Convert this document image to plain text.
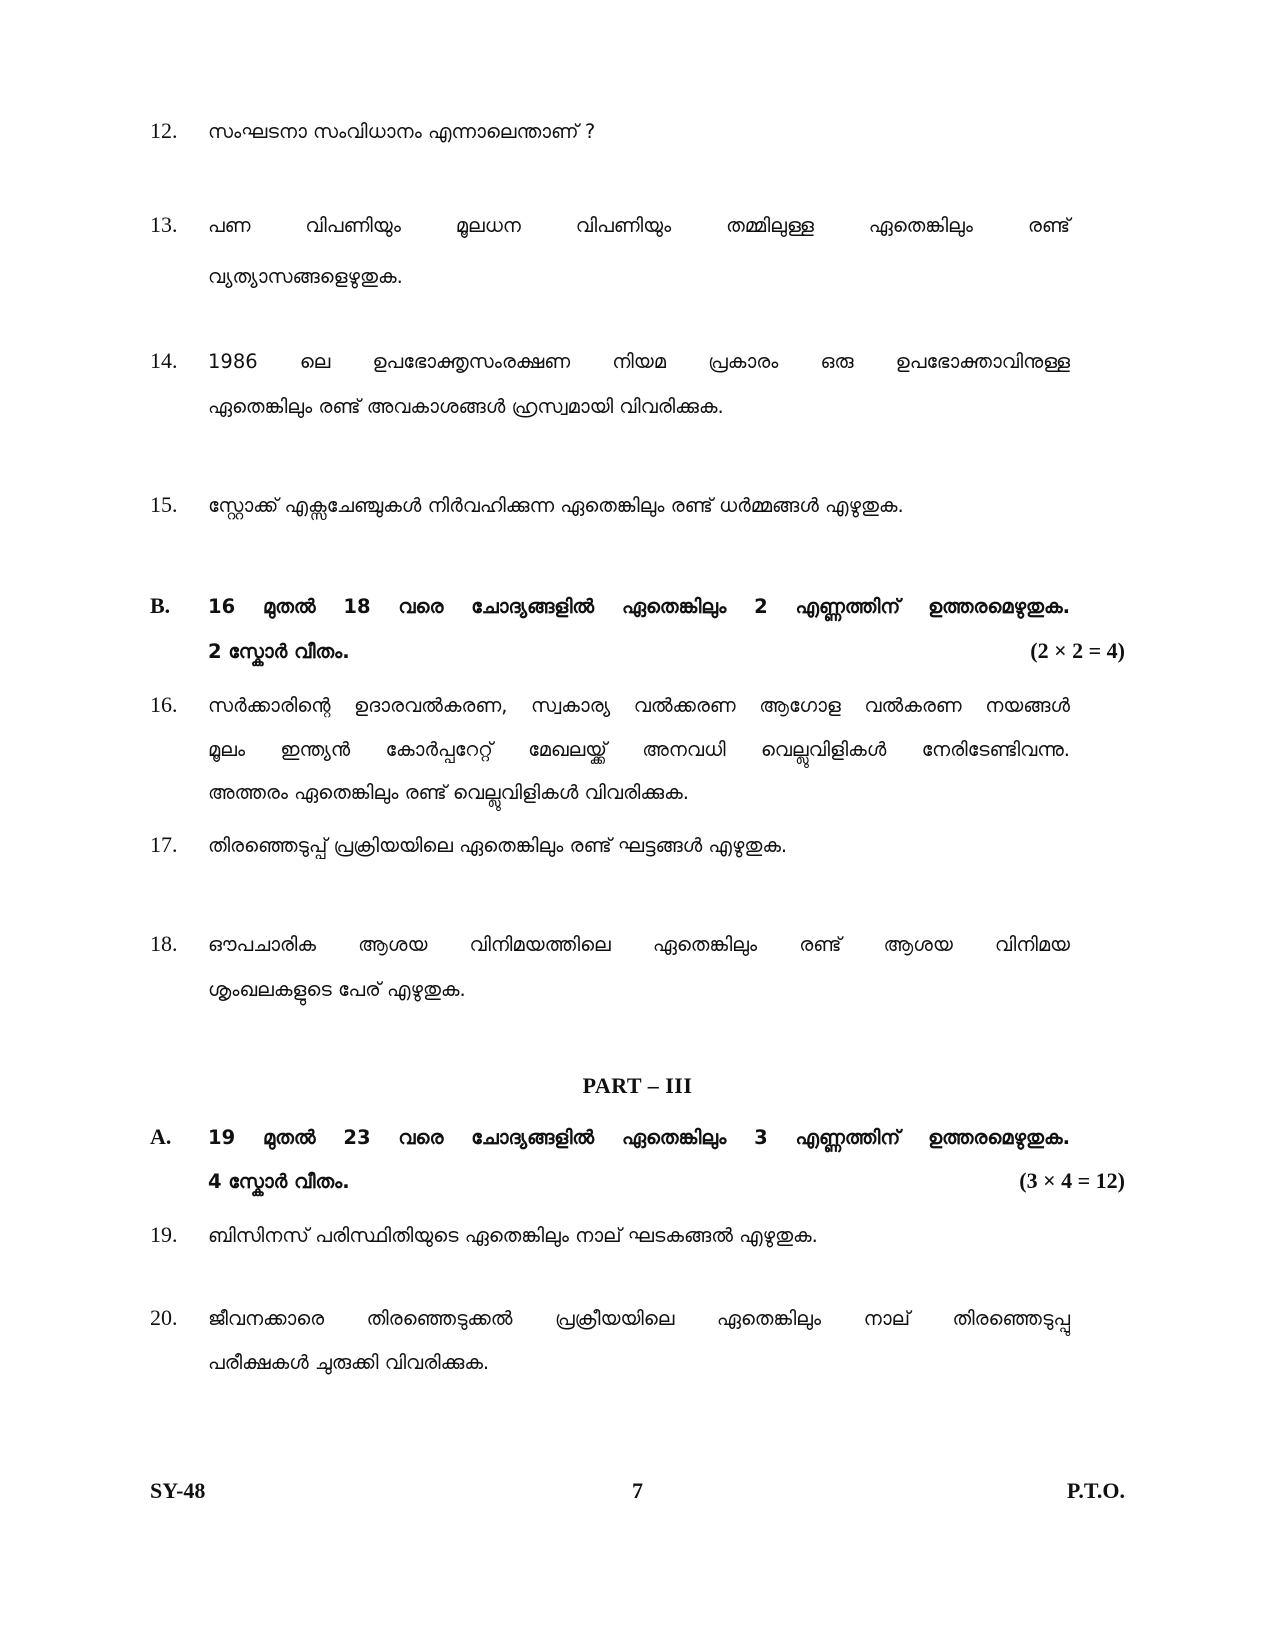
12. സംഘടനാ സംവിധാനം എന്നാലെന്താണ് ?
13. പണ വിപണിയും മൂലധന വിപണിയും തമ്മിലുള്ള ഏതെങ്കിലും രണ്ട്
വ്യത്യാസങ്ങളെഴുതുക.
14. 1986 ലെ ഉപഭോക്തൃസംരക്ഷണ നിയമ പ്രകാരം ഒരു ഉപഭോക്താവിനുള്ള
ഏതെങ്കിലും രണ്ട് അവകാശങ്ങൾ ഹ്രസ്വമായി വിവരിക്കുക.
15. സ്റ്റോക്ക് എക്സചേഞ്ചുകൾ നിർവഹിക്കുന്ന ഏതെങ്കിലും രണ്ട് ധർമ്മങ്ങൾ എഴുതുക.
B. 16 മുതൽ 18 വരെ ചോദ്യങ്ങളിൽ ഏതെങ്കിലും 2 എണ്ണത്തിന് ഉത്തരമെഴുതുക.
2 സ്കോർ വീതം.	(2 × 2 = 4)
16. സർക്കാരിന്റെ ഉദാരവൽകരണ, സ്വകാര്യ വൽക്കരണ ആഗോള വൽകരണ നയങ്ങൾ
മൂലം ഇന്ത്യൻ കോർപ്പറേറ്റ് മേഖലയ്ക്ക് അനവധി വെല്ലുവിളികൾ നേരിടേണ്ടിവന്നു.
അത്തരം ഏതെങ്കിലും രണ്ട് വെല്ലുവിളികൾ വിവരിക്കുക.
17. തിരഞ്ഞെടുപ്പ് പ്രക്രിയയിലെ ഏതെങ്കിലും രണ്ട് ഘട്ടങ്ങൾ എഴുതുക.
18. ഔപചാരിക ആശയ വിനിമയത്തിലെ ഏതെങ്കിലും രണ്ട് ആശയ വിനിമയ
ശൃംഖലകളുടെ പേര് എഴുതുക.
PART – III
A. 19 മുതൽ 23 വരെ ചോദ്യങ്ങളിൽ ഏതെങ്കിലും 3 എണ്ണത്തിന് ഉത്തരമെഴുതുക.
4 സ്കോർ വീതം.	(3 × 4 = 12)
19. ബിസിനസ് പരിസ്ഥിതിയുടെ ഏതെങ്കിലും നാല് ഘടകങ്ങൽ എഴുതുക.
20. ജീവനക്കാരെ തിരഞ്ഞെടുക്കൽ പ്രക്രീയയിലെ ഏതെങ്കിലും നാല് തിരഞ്ഞെടുപ്പു
പരീക്ഷകൾ ചുരുക്കി വിവരിക്കുക.
SY-48	7	P.T.O.
